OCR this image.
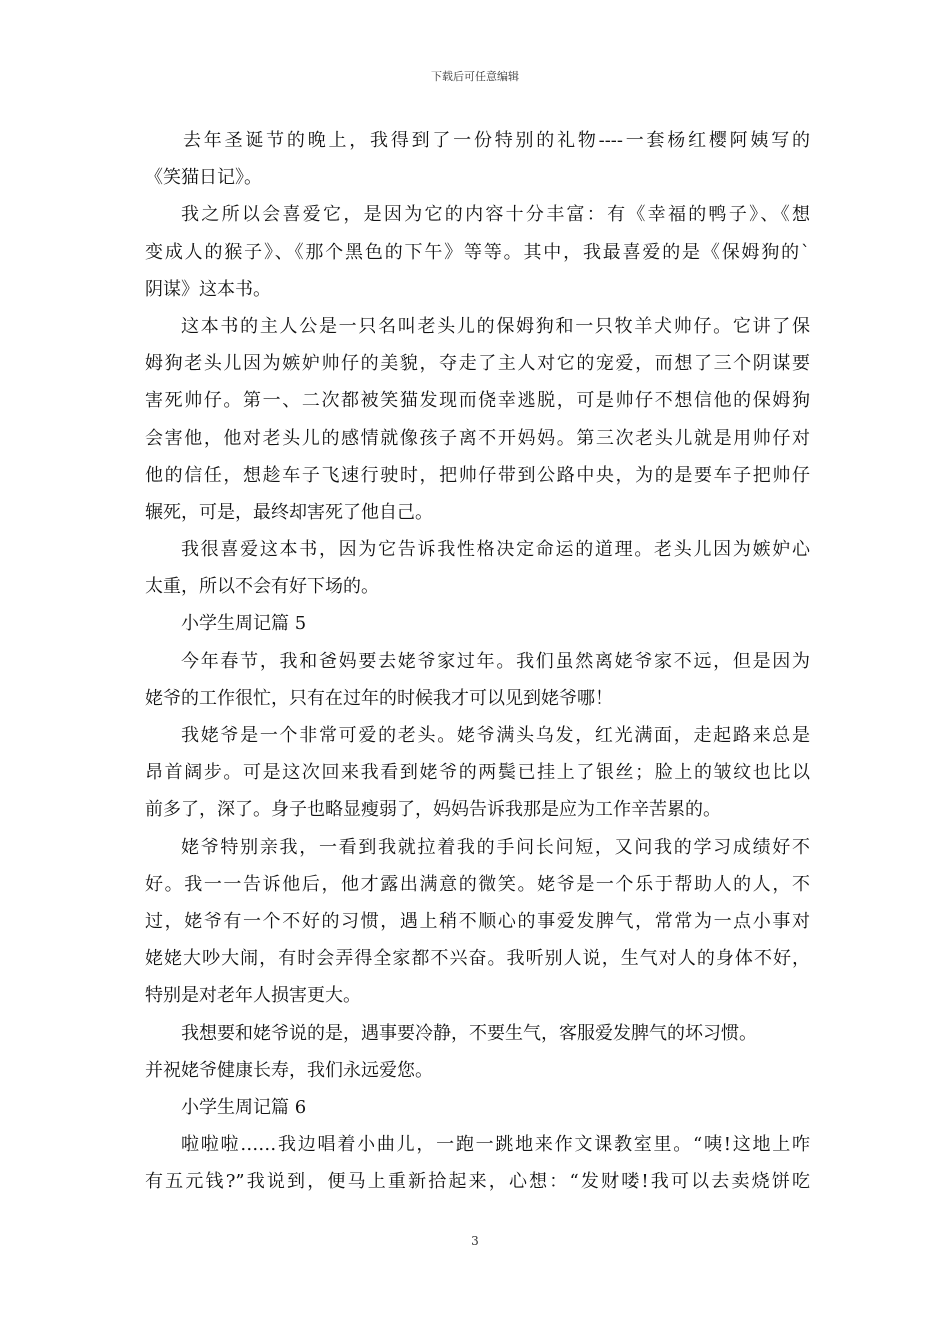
下载后可任意编辑
去年圣诞节的晚上，我得到了一份特别的礼物----一套杨红樱阿姨写的
《笑猫日记》。
我之所以会喜爱它，是因为它的内容十分丰富：有《幸福的鸭子》、《想
变成人的猴子》、《那个黑色的下午》等等。其中，我最喜爱的是《保姆狗的`
阴谋》这本书。
这本书的主人公是一只名叫老头儿的保姆狗和一只牧羊犬帅仔。它讲了保
姆狗老头儿因为嫉妒帅仔的美貌，夺走了主人对它的宠爱，而想了三个阴谋要
害死帅仔。第一、二次都被笑猫发现而侥幸逃脱，可是帅仔不想信他的保姆狗
会害他，他对老头儿的感情就像孩子离不开妈妈。第三次老头儿就是用帅仔对
他的信任，想趁车子飞速行驶时，把帅仔带到公路中央，为的是要车子把帅仔
辗死，可是，最终却害死了他自己。
我很喜爱这本书，因为它告诉我性格决定命运的道理。老头儿因为嫉妒心
太重，所以不会有好下场的。
小学生周记篇 5
今年春节，我和爸妈要去姥爷家过年。我们虽然离姥爷家不远，但是因为
姥爷的工作很忙，只有在过年的时候我才可以见到姥爷哪！
我姥爷是一个非常可爱的老头。姥爷满头乌发，红光满面，走起路来总是
昂首阔步。可是这次回来我看到姥爷的两鬓已挂上了银丝；脸上的皱纹也比以
前多了，深了。身子也略显瘦弱了，妈妈告诉我那是应为工作辛苦累的。
姥爷特别亲我，一看到我就拉着我的手问长问短，又问我的学习成绩好不
好。我一一告诉他后，他才露出满意的微笑。姥爷是一个乐于帮助人的人，不
过，姥爷有一个不好的习惯，遇上稍不顺心的事爱发脾气，常常为一点小事对
姥姥大吵大闹，有时会弄得全家都不兴奋。我听别人说，生气对人的身体不好，
特别是对老年人损害更大。
我想要和姥爷说的是，遇事要冷静，不要生气，客服爱发脾气的坏习惯。
并祝姥爷健康长寿，我们永远爱您。
小学生周记篇 6
啦啦啦……我边唱着小曲儿，一跑一跳地来作文课教室里。“咦!这地上咋
有五元钱?”我说到，便马上重新拾起来，心想：“发财喽!我可以去卖烧饼吃
3
